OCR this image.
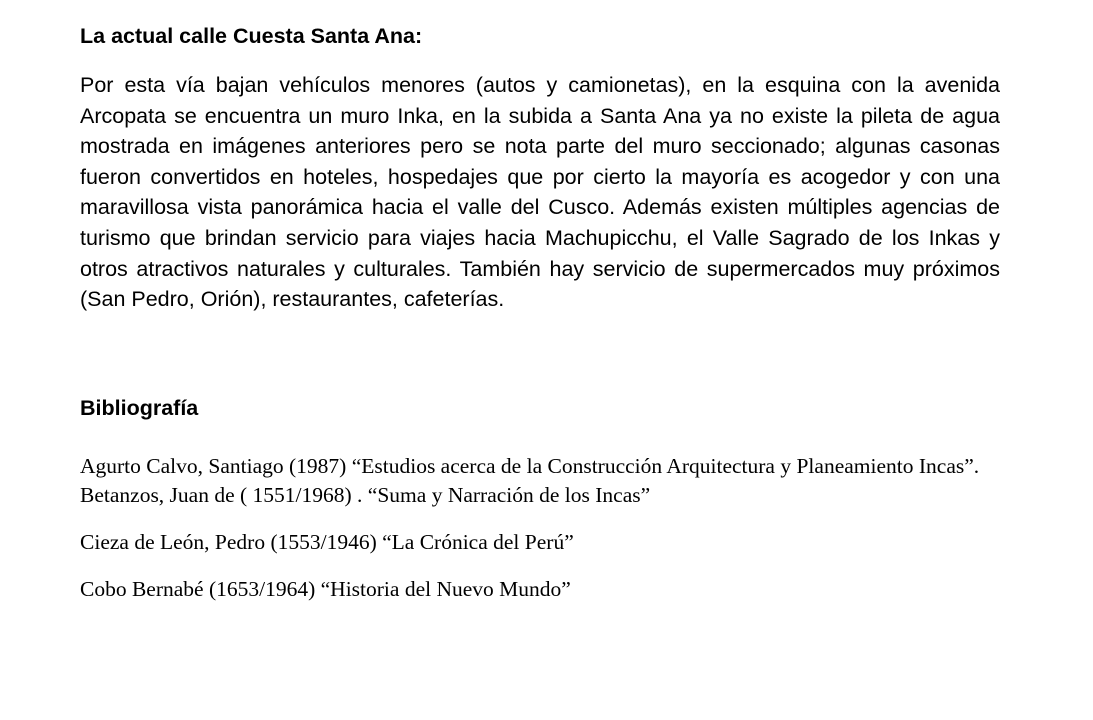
La actual calle Cuesta Santa Ana:

Por esta vía bajan vehículos menores (autos y camionetas), en la esquina con la avenida Arcopata se encuentra un muro Inka, en la subida a Santa Ana ya no existe la pileta de agua mostrada en imágenes anteriores pero se nota parte del muro seccionado; algunas casonas fueron convertidos en hoteles, hospedajes que por cierto la mayoría es acogedor y con una maravillosa vista panorámica hacia el valle del Cusco. Además existen múltiples agencias de turismo que brindan servicio para viajes hacia Machupicchu, el Valle Sagrado de los Inkas y otros atractivos naturales y culturales. También hay servicio de supermercados muy próximos (San Pedro, Orión), restaurantes, cafeterías.

Bibliografía
Agurto Calvo, Santiago (1987) “Estudios acerca de la Construcción Arquitectura y Planeamiento Incas”.
Betanzos, Juan de ( 1551/1968) . “Suma y Narración de los Incas”
Cieza de León, Pedro (1553/1946) “La Crónica del Perú”
Cobo Bernabé (1653/1964) “Historia del Nuevo Mundo”
